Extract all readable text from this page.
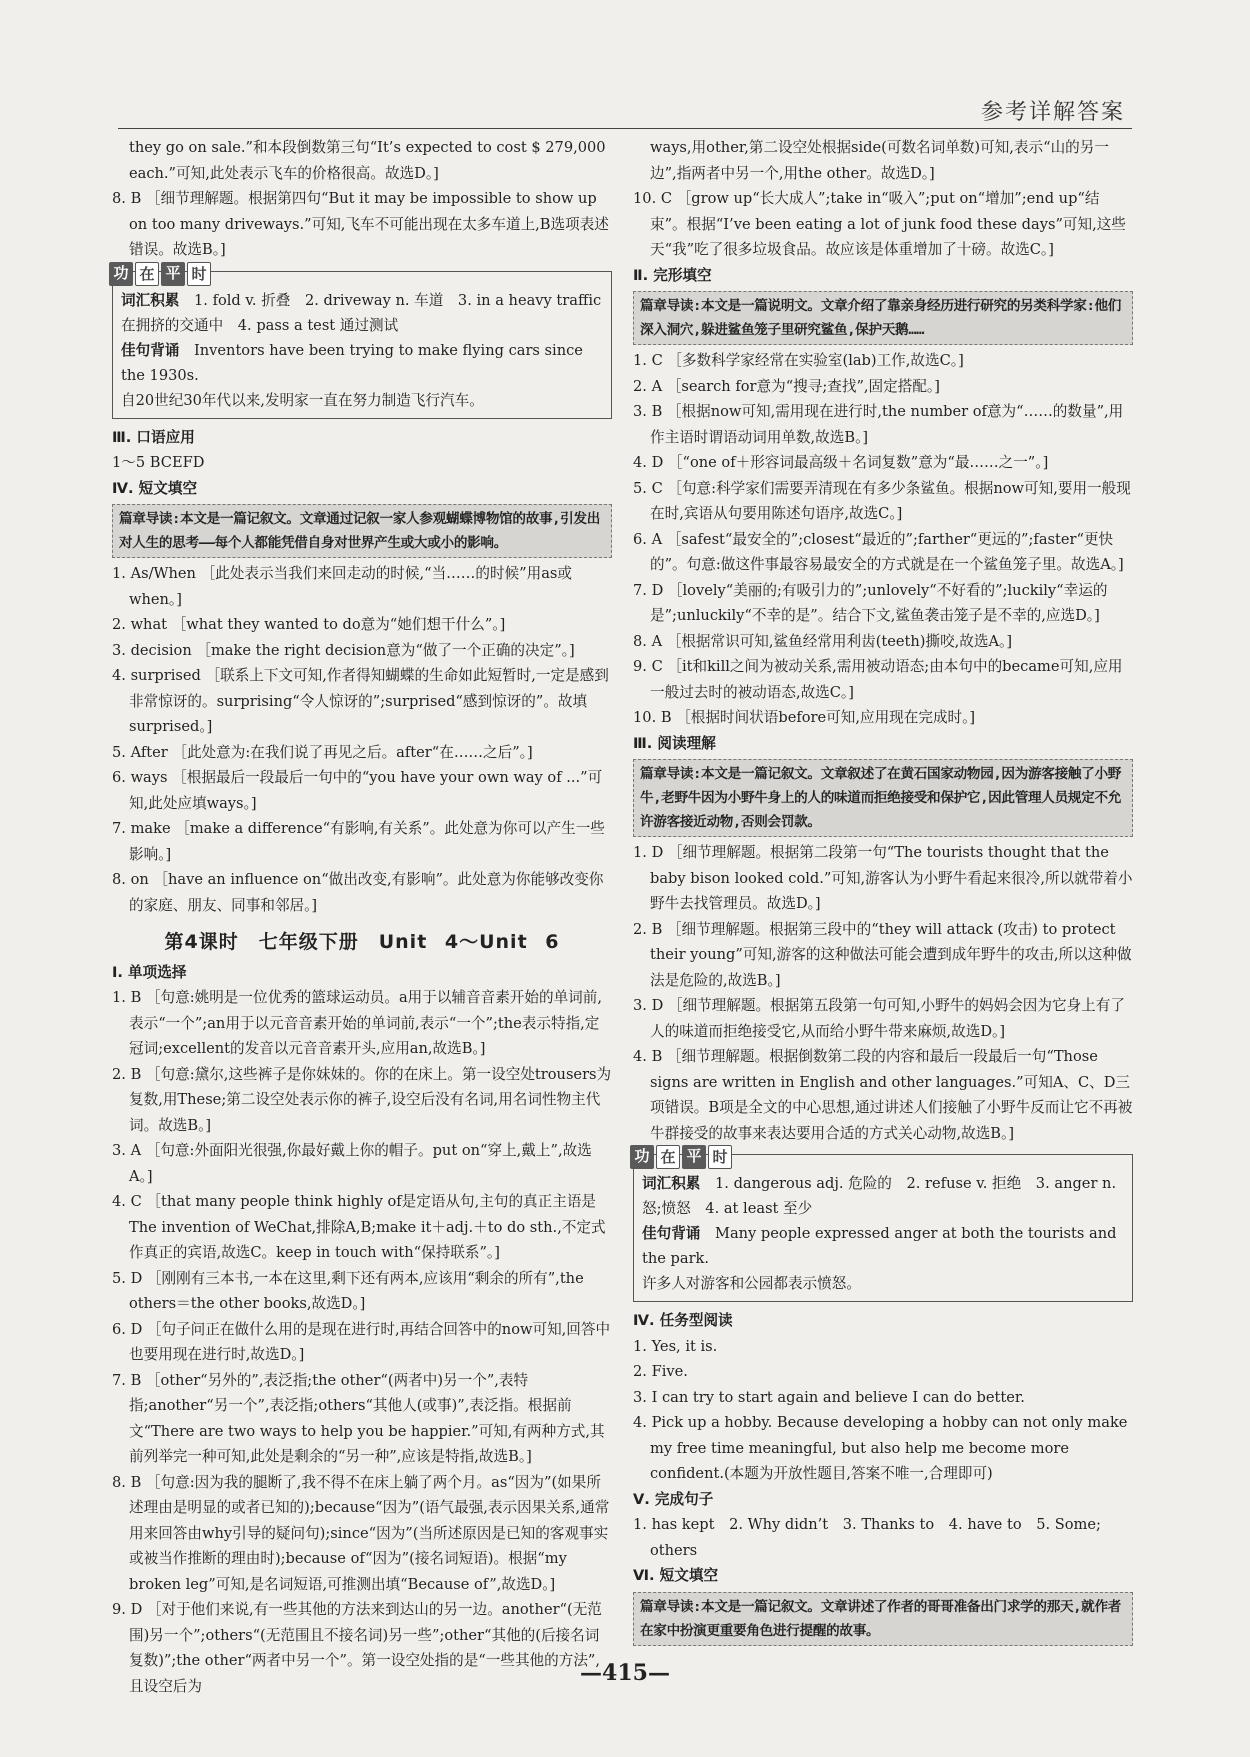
参考详解答案

they go on sale.”和本段倒数第三句“It’s expected to cost $ 279,000 each.”可知,此处表示飞车的价格很高。故选D。]

8. B ［细节理解题。根据第四句“But it may be impossible to show up on too many driveways.”可知,飞车不可能出现在太多车道上,B选项表述错误。故选B。]

功 在 平 时

词汇积累　 1. fold v. 折叠　2. driveway n. 车道　3. in a heavy traffic 在拥挤的交通中　4. pass a test 通过测试

佳句背诵　 Inventors have been trying to make flying cars since the 1930s.

自20世纪30年代以来,发明家一直在努力制造飞行汽车。

Ⅲ. 口语应用

1～5 BCEFD

Ⅳ. 短文填空

篇章导读:本文是一篇记叙文。文章通过记叙一家人参观蝴蝶博物馆的故事,引发出对人生的思考——每个人都能凭借自身对世界产生或大或小的影响。

1. As/When ［此处表示当我们来回走动的时候,“当……的时候”用as或when。]

2. what ［what they wanted to do意为“她们想干什么”。]

3. decision ［make the right decision意为“做了一个正确的决定”。]

4. surprised ［联系上下文可知,作者得知蝴蝶的生命如此短暂时,一定是感到非常惊讶的。surprising“令人惊讶的”;surprised“感到惊讶的”。故填surprised。]

5. After ［此处意为:在我们说了再见之后。after“在……之后”。]

6. ways ［根据最后一段最后一句中的“you have your own way of ...”可知,此处应填ways。]

7. make ［make a difference“有影响,有关系”。此处意为你可以产生一些影响。]

8. on ［have an influence on“做出改变,有影响”。此处意为你能够改变你的家庭、朋友、同事和邻居。]

第4课时　七年级下册　Unit 4～Unit 6

Ⅰ. 单项选择

1. B ［句意:姚明是一位优秀的篮球运动员。a用于以辅音音素开始的单词前,表示“一个”;an用于以元音音素开始的单词前,表示“一个”;the表示特指,定冠词;excellent的发音以元音音素开头,应用an,故选B。]

2. B ［句意:黛尔,这些裤子是你妹妹的。你的在床上。第一设空处trousers为复数,用These;第二设空处表示你的裤子,设空后没有名词,用名词性物主代词。故选B。]

3. A ［句意:外面阳光很强,你最好戴上你的帽子。put on“穿上,戴上”,故选A。]

4. C ［that many people think highly of是定语从句,主句的真正主语是The invention of WeChat,排除A,B;make it＋adj.＋to do sth.,不定式作真正的宾语,故选C。keep in touch with“保持联系”。]

5. D ［刚刚有三本书,一本在这里,剩下还有两本,应该用“剩余的所有”,the others＝the other books,故选D。]

6. D ［句子问正在做什么用的是现在进行时,再结合回答中的now可知,回答中也要用现在进行时,故选D。]

7. B ［other“另外的”,表泛指;the other“(两者中)另一个”,表特指;another“另一个”,表泛指;others“其他人(或事)”,表泛指。根据前文“There are two ways to help you be happier.”可知,有两种方式,其前列举完一种可知,此处是剩余的“另一种”,应该是特指,故选B。]

8. B ［句意:因为我的腿断了,我不得不在床上躺了两个月。as“因为”(如果所述理由是明显的或者已知的);because“因为”(语气最强,表示因果关系,通常用来回答由why引导的疑问句);since“因为”(当所述原因是已知的客观事实或被当作推断的理由时);because of“因为”(接名词短语)。根据“my broken leg”可知,是名词短语,可推测出填“Because of”,故选D。]

9. D ［对于他们来说,有一些其他的方法来到达山的另一边。another“(无范围)另一个”;others“(无范围且不接名词)另一些”;other“其他的(后接名词复数)”;the other“两者中另一个”。第一设空处指的是“一些其他的方法”,且设空后为

ways,用other,第二设空处根据side(可数名词单数)可知,表示“山的另一边”,指两者中另一个,用the other。故选D。]

10. C ［grow up“长大成人”;take in“吸入”;put on“增加”;end up“结束”。根据“I’ve been eating a lot of junk food these days”可知,这些天“我”吃了很多垃圾食品。故应该是体重增加了十磅。故选C。]

Ⅱ. 完形填空

篇章导读:本文是一篇说明文。文章介绍了靠亲身经历进行研究的另类科学家:他们深入洞穴,躲进鲨鱼笼子里研究鲨鱼,保护天鹅……

1. C ［多数科学家经常在实验室(lab)工作,故选C。]

2. A ［search for意为“搜寻;查找”,固定搭配。]

3. B ［根据now可知,需用现在进行时,the number of意为“……的数量”,用作主语时谓语动词用单数,故选B。]

4. D ［“one of＋形容词最高级＋名词复数”意为“最……之一”。]

5. C ［句意:科学家们需要弄清现在有多少条鲨鱼。根据now可知,要用一般现在时,宾语从句要用陈述句语序,故选C。]

6. A ［safest“最安全的”;closest“最近的”;farther“更远的”;faster“更快的”。句意:做这件事最容易最安全的方式就是在一个鲨鱼笼子里。故选A。]

7. D ［lovely“美丽的;有吸引力的”;unlovely“不好看的”;luckily“幸运的是”;unluckily“不幸的是”。结合下文,鲨鱼袭击笼子是不幸的,应选D。]

8. A ［根据常识可知,鲨鱼经常用利齿(teeth)撕咬,故选A。]

9. C ［it和kill之间为被动关系,需用被动语态;由本句中的became可知,应用一般过去时的被动语态,故选C。]

10. B ［根据时间状语before可知,应用现在完成时。]

Ⅲ. 阅读理解

篇章导读:本文是一篇记叙文。文章叙述了在黄石国家动物园,因为游客接触了小野牛,老野牛因为小野牛身上的人的味道而拒绝接受和保护它,因此管理人员规定不允许游客接近动物,否则会罚款。

1. D ［细节理解题。根据第二段第一句“The tourists thought that the baby bison looked cold.”可知,游客认为小野牛看起来很冷,所以就带着小野牛去找管理员。故选D。]

2. B ［细节理解题。根据第三段中的“they will attack (攻击) to protect their young”可知,游客的这种做法可能会遭到成年野牛的攻击,所以这种做法是危险的,故选B。]

3. D ［细节理解题。根据第五段第一句可知,小野牛的妈妈会因为它身上有了人的味道而拒绝接受它,从而给小野牛带来麻烦,故选D。]

4. B ［细节理解题。根据倒数第二段的内容和最后一段最后一句“Those signs are written in English and other languages.”可知A、C、D三项错误。B项是全文的中心思想,通过讲述人们接触了小野牛反而让它不再被牛群接受的故事来表达要用合适的方式关心动物,故选B。]

功 在 平 时

词汇积累　 1. dangerous adj. 危险的　2. refuse v. 拒绝　3. anger n. 怒;愤怒　4. at least 至少

佳句背诵　 Many people expressed anger at both the tourists and the park.

许多人对游客和公园都表示愤怒。

Ⅳ. 任务型阅读

1. Yes, it is.

2. Five.

3. I can try to start again and believe I can do better.

4. Pick up a hobby. Because developing a hobby can not only make my free time meaningful, but also help me become more confident.(本题为开放性题目,答案不唯一,合理即可)

Ⅴ. 完成句子

1. has kept　2. Why didn’t　3. Thanks to　4. have to　5. Some; others

Ⅵ. 短文填空

篇章导读:本文是一篇记叙文。文章讲述了作者的哥哥准备出门求学的那天,就作者在家中扮演更重要角色进行提醒的故事。
—415—
